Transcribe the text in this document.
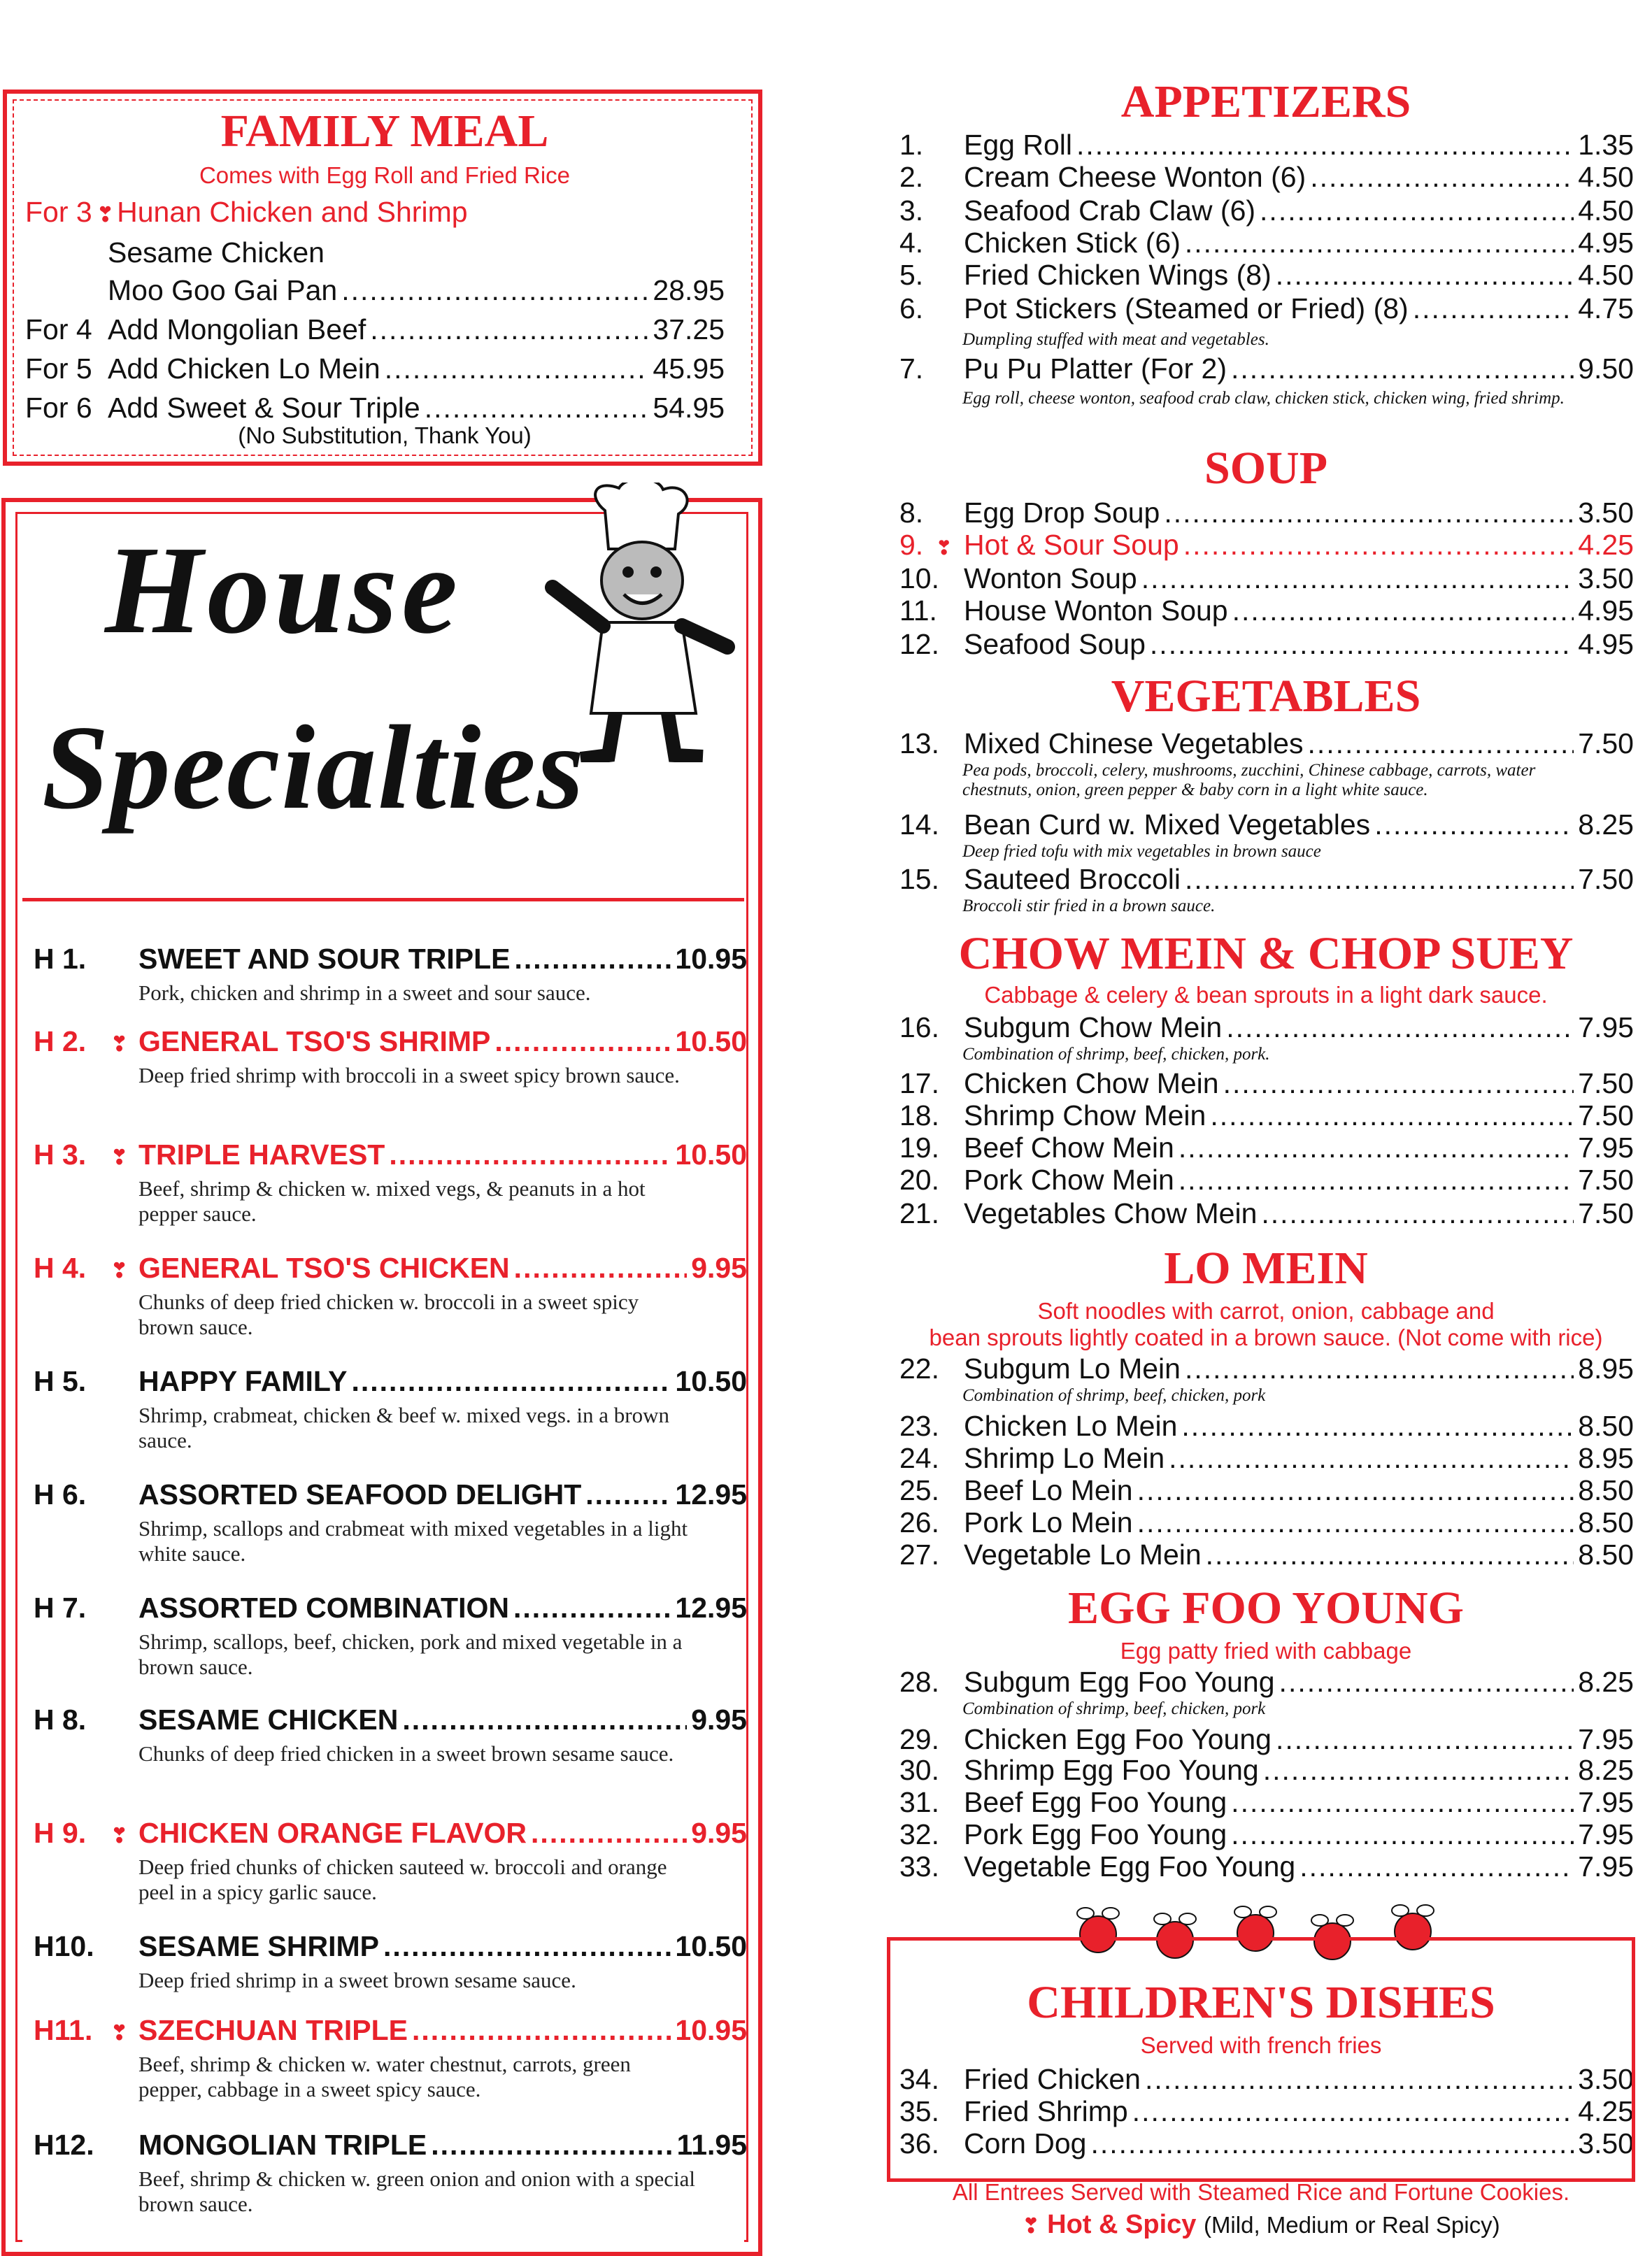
FAMILY MEAL
Comes with Egg Roll and Fried Rice
For 3 ❣ Hunan Chicken and Shrimp
Sesame Chicken
Moo Goo Gai Pan .....	28.95
For 4 Add Mongolian Beef .....	37.25
For 5 Add Chicken Lo Mein .....	45.95
For 6 Add Sweet & Sour Triple .....	54.95
(No Substitution, Thank You)
House
Specialties
H 1.	SWEET AND SOUR TRIPLE .....	10.95
Pork, chicken and shrimp in a sweet and sour sauce.
H 2.	❣ GENERAL TSO'S SHRIMP .....	10.50
Deep fried shrimp with broccoli in a sweet spicy brown sauce.
H 3.	❣ TRIPLE HARVEST .....	10.50
Beef, shrimp & chicken w. mixed vegs, & peanuts in a hot pepper sauce.
H 4.	❣ GENERAL TSO'S CHICKEN .....	9.95
Chunks of deep fried chicken w. broccoli in a sweet spicy brown sauce.
H 5.	HAPPY FAMILY .....	10.50
Shrimp, crabmeat, chicken & beef w. mixed vegs. in a brown sauce.
H 6.	ASSORTED SEAFOOD DELIGHT .....	12.95
Shrimp, scallops and crabmeat with mixed vegetables in a light white sauce.
H 7.	ASSORTED COMBINATION .....	12.95
Shrimp, scallops, beef, chicken, pork and mixed vegetable in a brown sauce.
H 8.	SESAME CHICKEN .....	9.95
Chunks of deep fried chicken in a sweet brown sesame sauce.
H 9.	❣ CHICKEN ORANGE FLAVOR .....	9.95
Deep fried chunks of chicken sauteed w. broccoli and orange peel in a spicy garlic sauce.
H10.	SESAME SHRIMP .....	10.50
Deep fried shrimp in a sweet brown sesame sauce.
H11. ❣ SZECHUAN TRIPLE .....	10.95
Beef, shrimp & chicken w. water chestnut, carrots, green pepper, cabbage in a sweet spicy sauce.
H12.	MONGOLIAN TRIPLE .....	11.95
Beef, shrimp & chicken w. green onion and onion with a special brown sauce.
APPETIZERS
SOUP
VEGETABLES
CHOW MEIN & CHOP SUEY
Cabbage & celery & bean sprouts in a light dark sauce.
LO MEIN
Soft noodles with carrot, onion, cabbage and
bean sprouts lightly coated in a brown sauce. (Not come with rice)
EGG FOO YOUNG
Egg patty fried with cabbage
1.	Egg Roll .....	1.35
2.	Cream Cheese Wonton (6) .....	4.50
3.	Seafood Crab Claw (6) .....	4.50
4.	Chicken Stick (6) .....	4.95
5.	Fried Chicken Wings (8) .....	4.50
6.	Pot Stickers (Steamed or Fried) (8) .....	4.75
Dumpling stuffed with meat and vegetables.
7.	Pu Pu Platter (For 2) .....	9.50
Egg roll, cheese wonton, seafood crab claw, chicken stick, chicken wing, fried shrimp.
8.	Egg Drop Soup .....	3.50
9. ❣ Hot & Sour Soup .....	4.25
10. Wonton Soup .....	3.50
11. House Wonton Soup .....	4.95
12. Seafood Soup .....	4.95
13. Mixed Chinese Vegetables .....	7.50
Pea pods, broccoli, celery, mushrooms, zucchini, Chinese cabbage, carrots, water chestnuts, onion, green pepper & baby corn in a light white sauce.
14. Bean Curd w. Mixed Vegetables .....	8.25
Deep fried tofu with mix vegetables in brown sauce
15. Sauteed Broccoli .....	7.50
Broccoli stir fried in a brown sauce.
16. Subgum Chow Mein .....	7.95
Combination of shrimp, beef, chicken, pork.
17. Chicken Chow Mein .....	7.50
18. Shrimp Chow Mein .....	7.50
19. Beef Chow Mein .....	7.95
20. Pork Chow Mein .....	7.50
21. Vegetables Chow Mein .....	7.50
22. Subgum Lo Mein .....	8.95
Combination of shrimp, beef, chicken, pork
23. Chicken Lo Mein .....	8.50
24. Shrimp Lo Mein .....	8.95
25. Beef Lo Mein .....	8.50
26. Pork Lo Mein .....	8.50
27. Vegetable Lo Mein .....	8.50
28. Subgum Egg Foo Young .....	8.25
Combination of shrimp, beef, chicken, pork
29. Chicken Egg Foo Young .....	7.95
30. Shrimp Egg Foo Young .....	8.25
31. Beef Egg Foo Young .....	7.95
32. Pork Egg Foo Young .....	7.95
33. Vegetable Egg Foo Young .....	7.95
34. Fried Chicken .....	3.50
35. Fried Shrimp .....	4.25
36. Corn Dog .....	3.50
CHILDREN'S DISHES
Served with french fries
All Entrees Served with Steamed Rice and Fortune Cookies.
❣ Hot & Spicy (Mild, Medium or Real Spicy)
